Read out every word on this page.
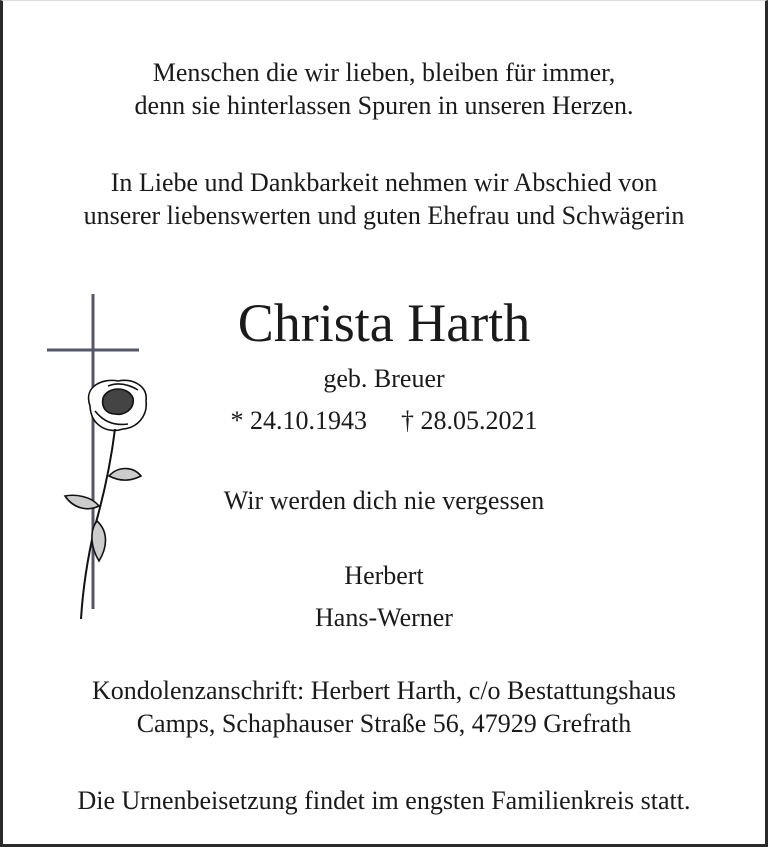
Menschen die wir lieben, bleiben für immer,
denn sie hinterlassen Spuren in unseren Herzen.
In Liebe und Dankbarkeit nehmen wir Abschied von
unserer liebenswerten und guten Ehefrau und Schwägerin
Christa Harth
geb. Breuer
* 24.10.1943 † 28.05.2021
Wir werden dich nie vergessen
Herbert
Hans-Werner
Kondolenzanschrift: Herbert Harth, c/o Bestattungshaus
Camps, Schaphauser Straße 56, 47929 Grefrath
Die Urnenbeisetzung findet im engsten Familienkreis statt.
